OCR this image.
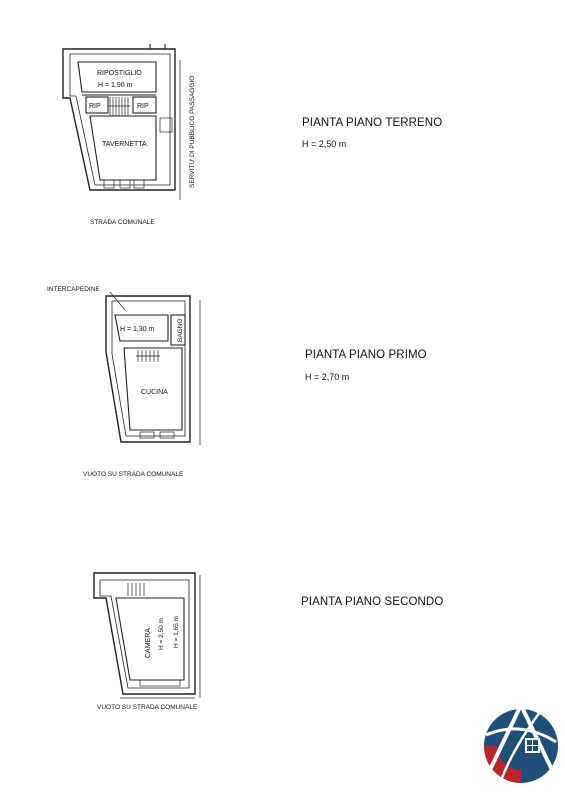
PIANTA PIANO TERRENO
H = 2,50 m
PIANTA PIANO PRIMO
H = 2,70 m
PIANTA PIANO SECONDO
RIPOSTIGLIO
H = 1,90 m
RIP	RIP
TAVERNETTA	SERVITU' DI PUBBLICO PASSAGGIO
STRADA COMUNALE
INTERCAPEDINE
H = 1,30 m	BAGNO
CUCINA
VUOTO SU STRADA COMUNALE
CAMERA H = 2,50 m H = 1,65 m
VUOTO SU STRADA COMUNALE
